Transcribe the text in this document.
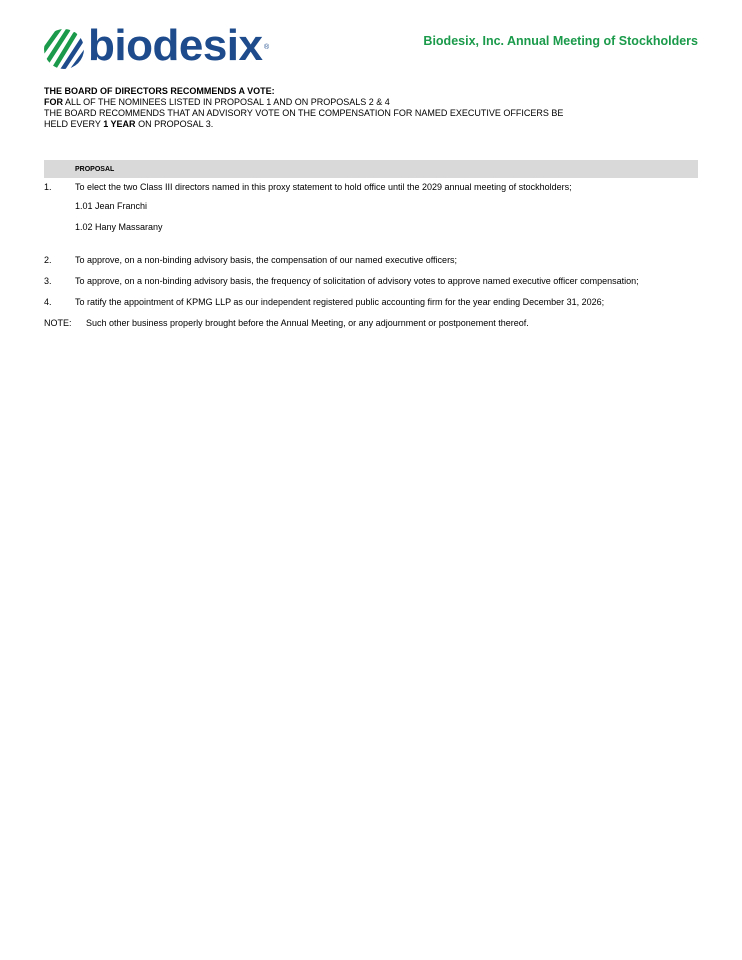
biodesix ®	Biodesix, Inc. Annual Meeting of Stockholders
THE BOARD OF DIRECTORS RECOMMENDS A VOTE:
FOR ALL OF THE NOMINEES LISTED IN PROPOSAL 1 AND ON PROPOSALS 2 & 4
THE BOARD RECOMMENDS THAT AN ADVISORY VOTE ON THE COMPENSATION FOR NAMED EXECUTIVE OFFICERS BE
HELD EVERY 1 YEAR ON PROPOSAL 3.
PROPOSAL
1.	To elect the two Class III directors named in this proxy statement to hold office until the 2029 annual meeting of stockholders;
1.01 Jean Franchi
1.02 Hany Massarany
2.	To approve, on a non-binding advisory basis, the compensation of our named executive officers;
3.	To approve, on a non-binding advisory basis, the frequency of solicitation of advisory votes to approve named executive officer compensation;
4.	To ratify the appointment of KPMG LLP as our independent registered public accounting firm for the year ending December 31, 2026;
NOTE: Such other business properly brought before the Annual Meeting, or any adjournment or postponement thereof.
